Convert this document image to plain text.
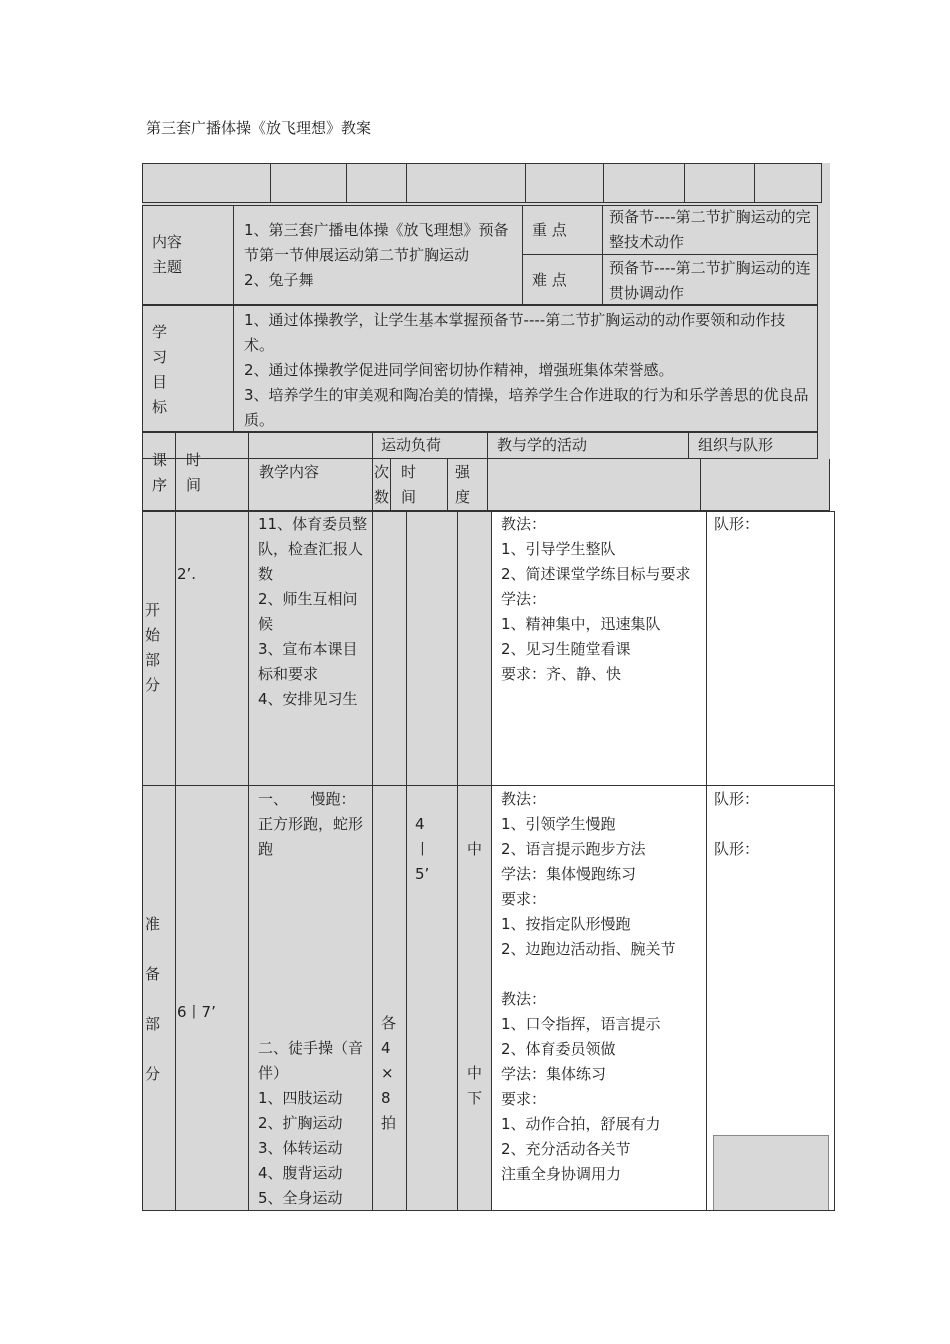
第三套广播体操《放飞理想》教案
内容
主题
1、第三套广播电体操《放飞理想》预备节第一节伸展运动第二节扩胸运动
2、兔子舞
重 点
预备节----第二节扩胸运动的完整技术动作
难 点
预备节----第二节扩胸运动的连贯协调动作
学
习
目
标
1、通过体操教学，让学生基本掌握预备节----第二节扩胸运动的动作要领和动作技术。
2、通过体操教学促进同学间密切协作精神，增强班集体荣誉感。
3、培养学生的审美观和陶冶美的情操，培养学生合作进取的行为和乐学善思的优良品质。
课
序
时
间
教学内容
运动负荷
次
数
时
间
强
度
教与学的活动	组织与队形
开
始
部
分
2’.
11、体育委员整队，检查汇报人数
2、师生互相问候
3、宣布本课目标和要求
4、安排见习生
教法：
1、引导学生整队
2、简述课堂学练目标与要求
学法：
1、精神集中，迅速集队
2、见习生随堂看课
要求：齐、静、快
队形：
准

备

部

分
6丨7’
一、　　慢跑：
正方形跑，蛇形跑
二、徒手操（音伴）
1、四肢运动
2、扩胸运动
3、体转运动
4、腹背运动
5、全身运动
4
丨
5’
中
各
4
×
8
拍
中
下
教法：
1、引领学生慢跑
2、语言提示跑步方法
学法：集体慢跑练习
要求：
1、按指定队形慢跑
2、边跑边活动指、腕关节

教法：
1、口令指挥，语言提示
2、体育委员领做
学法：集体练习
要求：
1、动作合拍，舒展有力
2、充分活动各关节
注重全身协调用力
队形：
队形：
